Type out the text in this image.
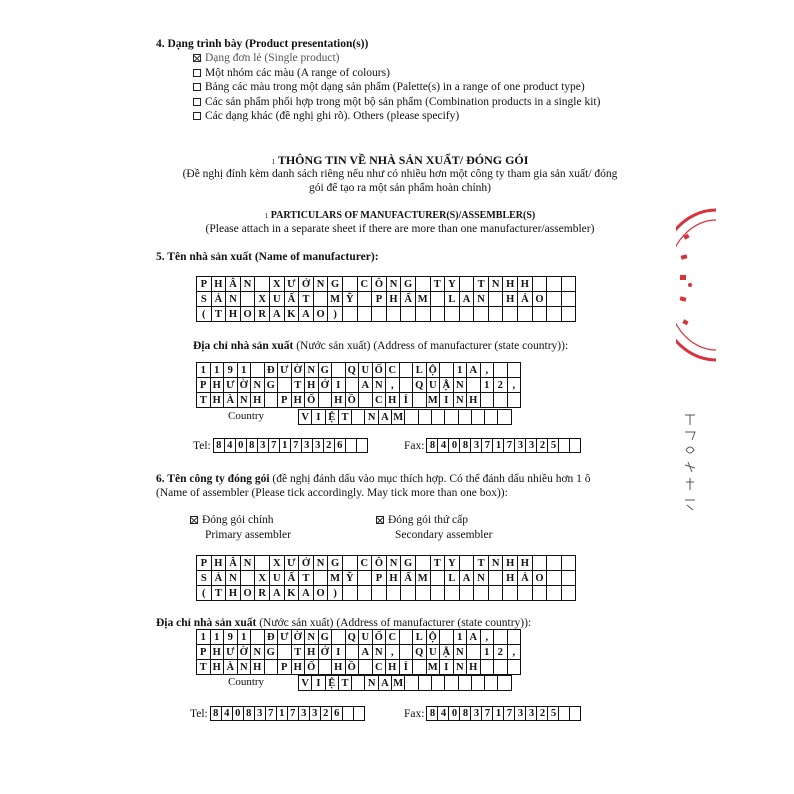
4. Dạng trình bày (Product presentation(s))
Dạng đơn lẻ (Single product)
Một nhóm các màu (A range of colours)
Bảng các màu trong một dạng sản phẩm (Palette(s) in a range of one product type)
Các sản phẩm phối hợp trong một bộ sản phẩm (Combination products in a single kit)
Các dạng khác (đề nghị ghi rõ). Others (please specify)
1 THÔNG TIN VỀ NHÀ SẢN XUẤT/ ĐÓNG GÓI
(Đề nghị đính kèm danh sách riêng nếu như có nhiều hơn một công ty tham gia sản xuất/ đóng
gói để tạo ra một sản phẩm hoàn chỉnh)
1 PARTICULARS OF MANUFACTURER(S)/ASSEMBLER(S)
(Please attach in a separate sheet if there are more than one manufacturer/assembler)
5. Tên nhà sản xuất (Name of manufacturer):
P H Â N	X Ư Ở N G	C Ô N G	T Y	T N H H
S Ả N	X U Ấ T	M Ỹ	P H Ẩ M	L A N	H Ả O
( T H O R A K A O )
Địa chỉ nhà sản xuất (Nước sản xuất) (Address of manufacturer (state country)):
1 1 9 1	Đ Ư Ờ N G	Q U Ố C	L Ộ	1 A ,
P H Ư Ờ N G	T H Ớ I	A N ,	Q U Ậ N	1 2 ,
T H À N H	P H Ố	H Ồ	C H Í	M I N H
Country	V I Ệ T	N A M
Tel: 8 4 0 8 3 7 1 7 3 3 2 6	Fax: 8 4 0 8 3 7 1 7 3 3 2 5
6. Tên công ty đóng gói (đề nghị đánh dấu vào mục thích hợp. Có thể đánh dấu nhiều hơn 1 ô
(Name of assembler (Please tick accordingly. May tick more than one box)):
Đóng gói chính
Primary assembler
Đóng gói thứ cấp
Secondary assembler
P H Â N	X Ư Ở N G	C Ô N G	T Y	T N H H
S Ả N	X U Ấ T	M Ỹ	P H Ẩ M	L A N	H Ả O
( T H O R A K A O )
Địa chỉ nhà sản xuất (Nước sản xuất) (Address of manufacturer (state country)):
1 1 9 1	Đ Ư Ờ N G	Q U Ố C	L Ộ	1 A ,
P H Ư Ờ N G	T H Ớ I	A N ,	Q U Ậ N	1 2 ,
T H À N H	P H Ố	H Ồ	C H Í	M I N H
Country	V I Ệ T	N A M
Tel: 8 4 0 8 3 7 1 7 3 3 2 6	Fax: 8 4 0 8 3 7 1 7 3 3 2 5
